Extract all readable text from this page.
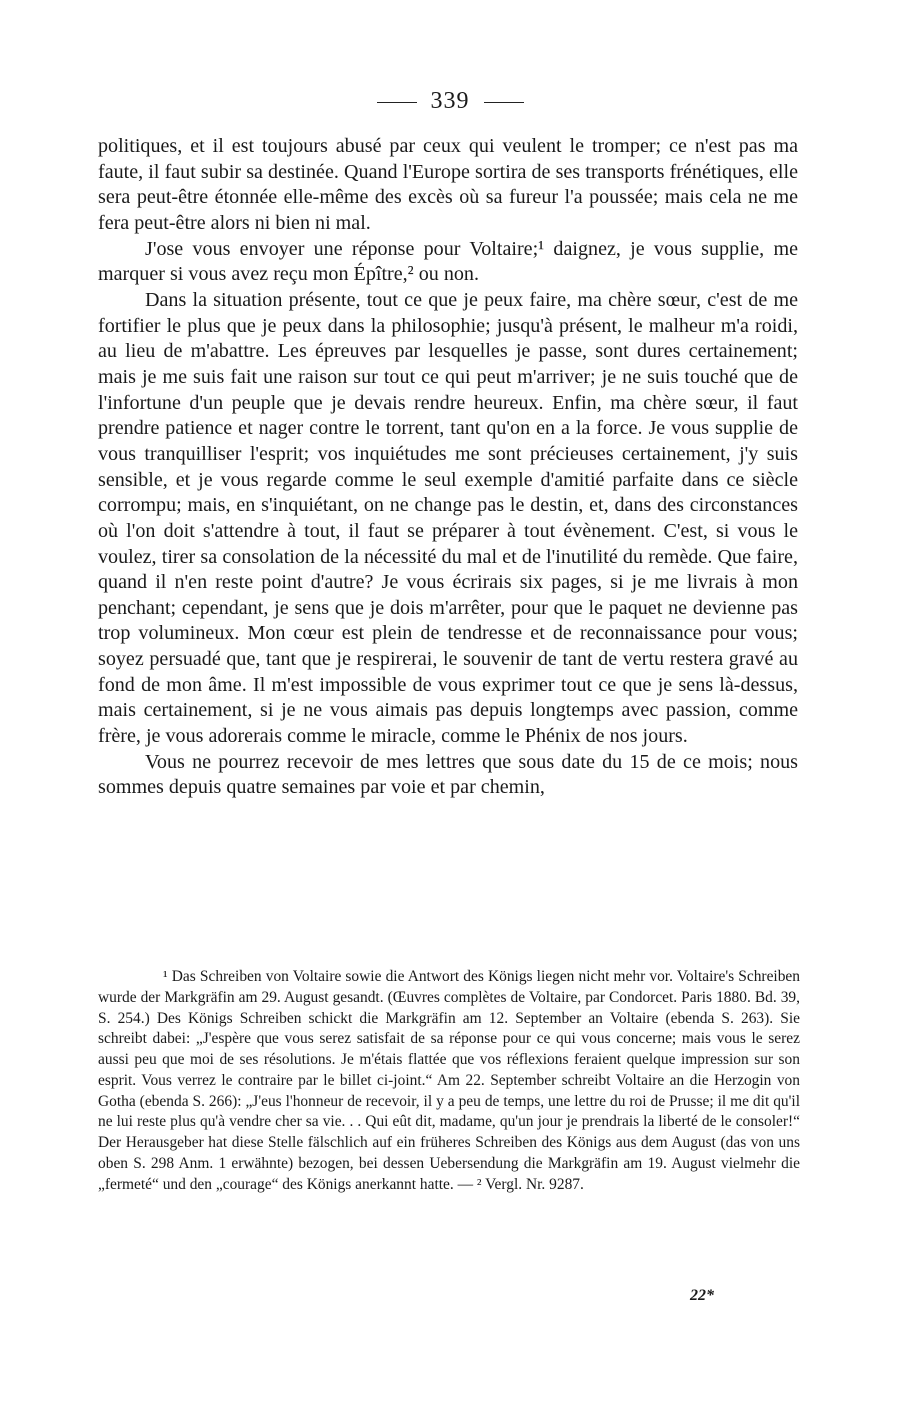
339

politiques, et il est toujours abusé par ceux qui veulent le tromper; ce n'est pas ma faute, il faut subir sa destinée. Quand l'Europe sortira de ses transports frénétiques, elle sera peut-être étonnée elle-même des excès où sa fureur l'a poussée; mais cela ne me fera peut-être alors ni bien ni mal.

J'ose vous envoyer une réponse pour Voltaire;¹ daignez, je vous supplie, me marquer si vous avez reçu mon Épître,² ou non.

Dans la situation présente, tout ce que je peux faire, ma chère sœur, c'est de me fortifier le plus que je peux dans la philosophie; jusqu'à présent, le malheur m'a roidi, au lieu de m'abattre. Les épreuves par lesquelles je passe, sont dures certainement; mais je me suis fait une raison sur tout ce qui peut m'arriver; je ne suis touché que de l'infortune d'un peuple que je devais rendre heureux. Enfin, ma chère sœur, il faut prendre patience et nager contre le torrent, tant qu'on en a la force. Je vous supplie de vous tranquilliser l'esprit; vos inquiétudes me sont précieuses certainement, j'y suis sensible, et je vous regarde comme le seul exemple d'amitié parfaite dans ce siècle corrompu; mais, en s'inquiétant, on ne change pas le destin, et, dans des circonstances où l'on doit s'attendre à tout, il faut se préparer à tout évènement. C'est, si vous le voulez, tirer sa consolation de la nécessité du mal et de l'inutilité du remède. Que faire, quand il n'en reste point d'autre? Je vous écrirais six pages, si je me livrais à mon penchant; cependant, je sens que je dois m'arrêter, pour que le paquet ne devienne pas trop volumineux. Mon cœur est plein de tendresse et de reconnaissance pour vous; soyez persuadé que, tant que je respirerai, le souvenir de tant de vertu restera gravé au fond de mon âme. Il m'est impossible de vous exprimer tout ce que je sens là-dessus, mais certainement, si je ne vous aimais pas depuis longtemps avec passion, comme frère, je vous adorerais comme le miracle, comme le Phénix de nos jours.

Vous ne pourrez recevoir de mes lettres que sous date du 15 de ce mois; nous sommes depuis quatre semaines par voie et par chemin,

¹ Das Schreiben von Voltaire sowie die Antwort des Königs liegen nicht mehr vor. Voltaire's Schreiben wurde der Markgräfin am 29. August gesandt. (Œuvres complètes de Voltaire, par Condorcet. Paris 1880. Bd. 39, S. 254.) Des Königs Schreiben schickt die Markgräfin am 12. September an Voltaire (ebenda S. 263). Sie schreibt dabei: „J'espère que vous serez satisfait de sa réponse pour ce qui vous concerne; mais vous le serez aussi peu que moi de ses résolutions. Je m'étais flattée que vos réflexions feraient quelque impression sur son esprit. Vous verrez le contraire par le billet ci-joint.“ Am 22. September schreibt Voltaire an die Herzogin von Gotha (ebenda S. 266): „J'eus l'honneur de recevoir, il y a peu de temps, une lettre du roi de Prusse; il me dit qu'il ne lui reste plus qu'à vendre cher sa vie. . . Qui eût dit, madame, qu'un jour je prendrais la liberté de le consoler!“ Der Herausgeber hat diese Stelle fälschlich auf ein früheres Schreiben des Königs aus dem August (das von uns oben S. 298 Anm. 1 erwähnte) bezogen, bei dessen Uebersendung die Markgräfin am 19. August vielmehr die „fermeté“ und den „courage“ des Königs anerkannt hatte. — ² Vergl. Nr. 9287.

22*
